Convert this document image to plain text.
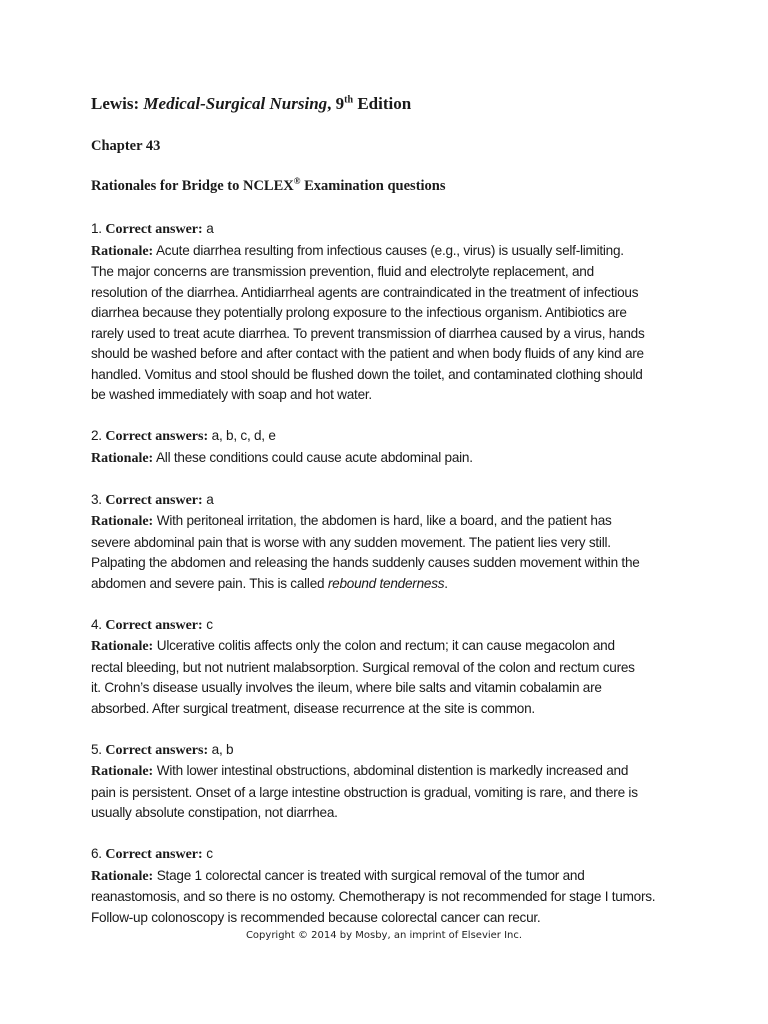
Lewis: Medical-Surgical Nursing, 9th Edition
Chapter 43
Rationales for Bridge to NCLEX® Examination questions
1. Correct answer: a
Rationale: Acute diarrhea resulting from infectious causes (e.g., virus) is usually self-limiting.
The major concerns are transmission prevention, fluid and electrolyte replacement, and
resolution of the diarrhea. Antidiarrheal agents are contraindicated in the treatment of infectious
diarrhea because they potentially prolong exposure to the infectious organism. Antibiotics are
rarely used to treat acute diarrhea. To prevent transmission of diarrhea caused by a virus, hands
should be washed before and after contact with the patient and when body fluids of any kind are
handled. Vomitus and stool should be flushed down the toilet, and contaminated clothing should
be washed immediately with soap and hot water.
2. Correct answers: a, b, c, d, e
Rationale: All these conditions could cause acute abdominal pain.
3. Correct answer: a
Rationale: With peritoneal irritation, the abdomen is hard, like a board, and the patient has
severe abdominal pain that is worse with any sudden movement. The patient lies very still.
Palpating the abdomen and releasing the hands suddenly causes sudden movement within the
abdomen and severe pain. This is called rebound tenderness.
4. Correct answer: c
Rationale: Ulcerative colitis affects only the colon and rectum; it can cause megacolon and
rectal bleeding, but not nutrient malabsorption. Surgical removal of the colon and rectum cures
it. Crohn’s disease usually involves the ileum, where bile salts and vitamin cobalamin are
absorbed. After surgical treatment, disease recurrence at the site is common.
5. Correct answers: a, b
Rationale: With lower intestinal obstructions, abdominal distention is markedly increased and
pain is persistent. Onset of a large intestine obstruction is gradual, vomiting is rare, and there is
usually absolute constipation, not diarrhea.
6. Correct answer: c
Rationale: Stage 1 colorectal cancer is treated with surgical removal of the tumor and
reanastomosis, and so there is no ostomy. Chemotherapy is not recommended for stage I tumors.
Follow-up colonoscopy is recommended because colorectal cancer can recur.
Copyright © 2014 by Mosby, an imprint of Elsevier Inc.
